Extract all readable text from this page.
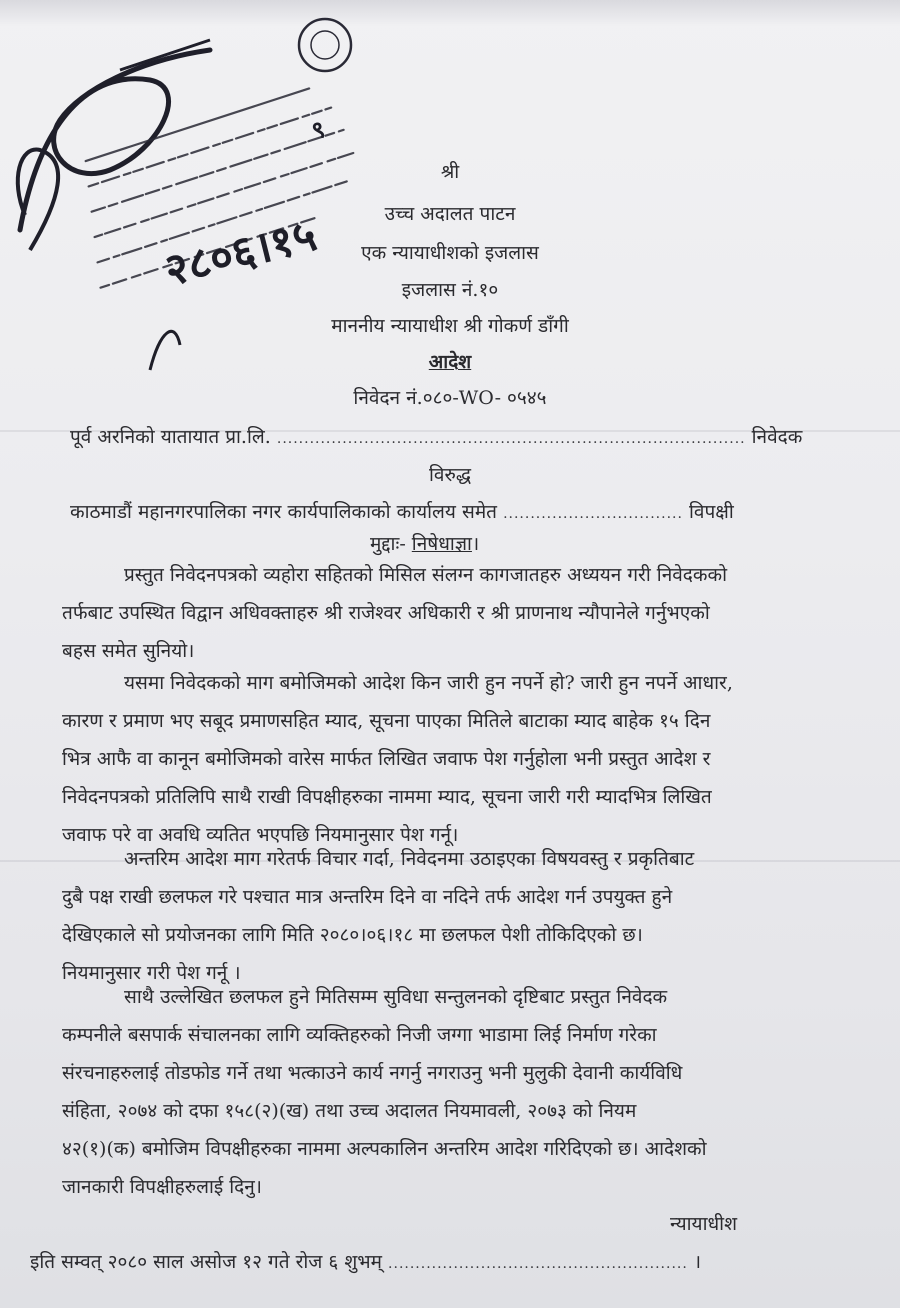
२८०६।१५
९
श्री
उच्च अदालत पाटन
एक न्यायाधीशको इजलास
इजलास नं.१०
माननीय न्यायाधीश श्री गोकर्ण डाँगी
आदेश
निवेदन नं.०८०-WO- ०५४५
पूर्व अरनिको यातायात प्रा.लि. ...................................................................................... निवेदक
विरुद्ध
काठमाडौं महानगरपालिका नगर कार्यपालिकाको कार्यालय समेत ................................. विपक्षी
मुद्दाः- निषेधाज्ञा।
प्रस्तुत निवेदनपत्रको व्यहोरा सहितको मिसिल संलग्न कागजातहरु अध्ययन गरी निवेदकको
तर्फबाट उपस्थित विद्वान अधिवक्ताहरु श्री राजेश्वर अधिकारी र श्री प्राणनाथ न्यौपानेले गर्नुभएको
बहस समेत सुनियो।
यसमा निवेदकको माग बमोजिमको आदेश किन जारी हुन नपर्ने हो? जारी हुन नपर्ने आधार,
कारण र प्रमाण भए सबूद प्रमाणसहित म्याद, सूचना पाएका मितिले बाटाका म्याद बाहेक १५ दिन
भित्र आफै वा कानून बमोजिमको वारेस मार्फत लिखित जवाफ पेश गर्नुहोला भनी प्रस्तुत आदेश र
निवेदनपत्रको प्रतिलिपि साथै राखी विपक्षीहरुका नाममा म्याद, सूचना जारी गरी म्यादभित्र लिखित
जवाफ परे वा अवधि व्यतित भएपछि नियमानुसार पेश गर्नू।
अन्तरिम आदेश माग गरेतर्फ विचार गर्दा, निवेदनमा उठाइएका विषयवस्तु र प्रकृतिबाट
दुबै पक्ष राखी छलफल गरे पश्चात मात्र अन्तरिम दिने वा नदिने तर्फ आदेश गर्न उपयुक्त हुने
देखिएकाले सो प्रयोजनका लागि मिति २०८०।०६।१८ मा छलफल पेशी तोकिदिएको छ।
नियमानुसार गरी पेश गर्नू ।
साथै उल्लेखित छलफल हुने मितिसम्म सुविधा सन्तुलनको दृष्टिबाट प्रस्तुत निवेदक
कम्पनीले बसपार्क संचालनका लागि व्यक्तिहरुको निजी जग्गा भाडामा लिई निर्माण गरेका
संरचनाहरुलाई तोडफोड गर्ने तथा भत्काउने कार्य नगर्नु नगराउनु भनी मुलुकी देवानी कार्यविधि
संहिता, २०७४ को दफा १५८(२)(ख) तथा उच्च अदालत नियमावली, २०७३ को नियम
४२(१)(क) बमोजिम विपक्षीहरुका नाममा अल्पकालिन अन्तरिम आदेश गरिदिएको छ। आदेशको
जानकारी विपक्षीहरुलाई दिनु।
न्यायाधीश
इति सम्वत् २०८० साल असोज १२ गते रोज ६ शुभम् ....................................................... ।
